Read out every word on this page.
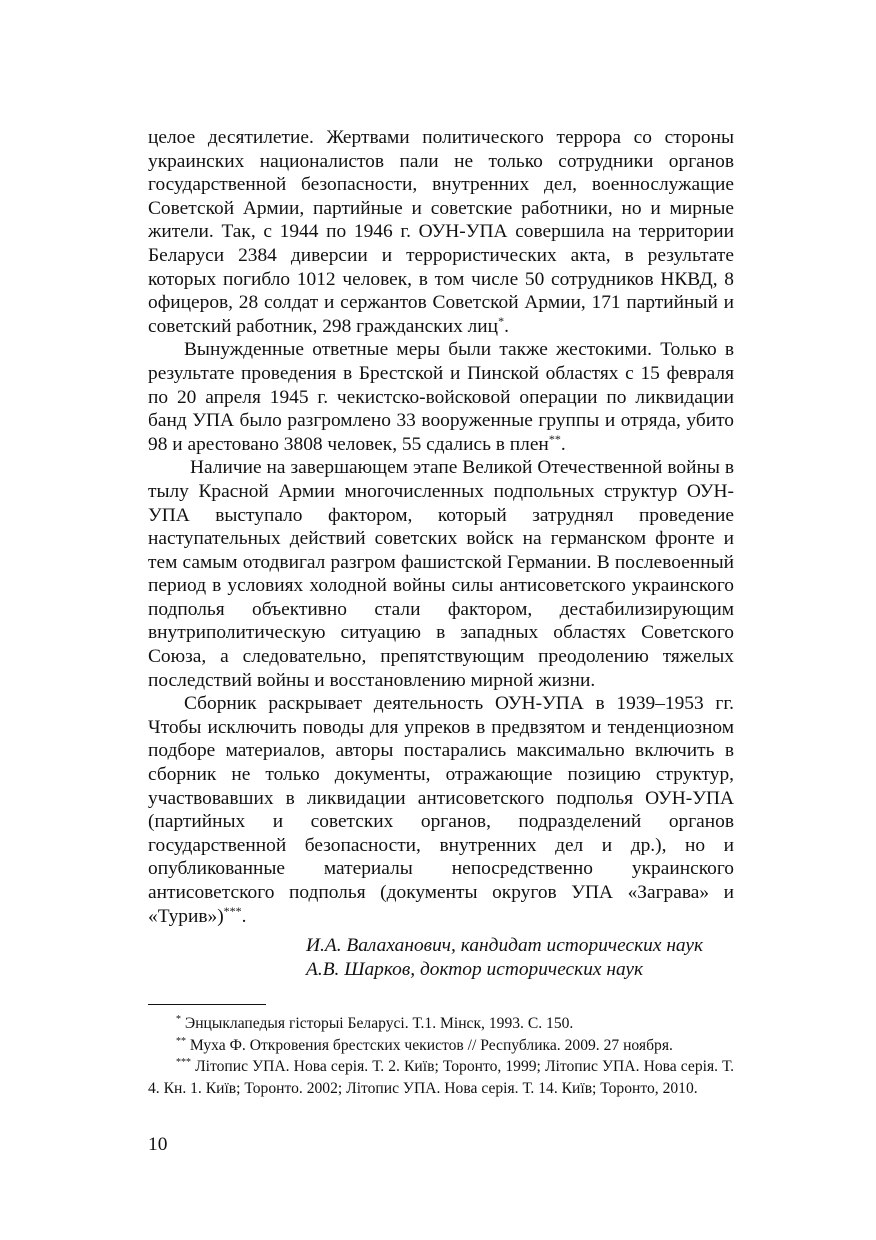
целое десятилетие. Жертвами политического террора со стороны украинских националистов пали не только сотрудники органов государственной безопасности, внутренних дел, военнослужащие Советской Армии, партийные и советские работники, но и мирные жители. Так, с 1944 по 1946 г. ОУН-УПА совершила на территории Беларуси 2384 диверсии и террористических акта, в результате которых погибло 1012 человек, в том числе 50 сотрудников НКВД, 8 офицеров, 28 солдат и сержантов Советской Армии, 171 партийный и советский работник, 298 гражданских лиц*.

Вынужденные ответные меры были также жестокими. Только в результате проведения в Брестской и Пинской областях с 15 февраля по 20 апреля 1945 г. чекистско-войсковой операции по ликвидации банд УПА было разгромлено 33 вооруженные группы и отряда, убито 98 и арестовано 3808 человек, 55 сдались в плен**.

Наличие на завершающем этапе Великой Отечественной войны в тылу Красной Армии многочисленных подпольных структур ОУН-УПА выступало фактором, который затруднял проведение наступательных действий советских войск на германском фронте и тем самым отодвигал разгром фашистской Германии. В послевоенный период в условиях холодной войны силы антисоветского украинского подполья объективно стали фактором, дестабилизирующим внутриполитическую ситуацию в западных областях Советского Союза, а следовательно, препятствующим преодолению тяжелых последствий войны и восстановлению мирной жизни.

Сборник раскрывает деятельность ОУН-УПА в 1939–1953 гг. Чтобы исключить поводы для упреков в предвзятом и тенденциозном подборе материалов, авторы постарались максимально включить в сборник не только документы, отражающие позицию структур, участвовавших в ликвидации антисоветского подполья ОУН-УПА (партийных и советских органов, подразделений органов государственной безопасности, внутренних дел и др.), но и опубликованные материалы непосредственно украинского антисоветского подполья (документы округов УПА «Заграва» и «Турив»)***.

И.А. Валаханович, кандидат исторических наук
А.В. Шарков, доктор исторических наук

* Энцыклапедыя гісторыі Беларусі. Т.1. Мінск, 1993. С. 150.

** Муха Ф. Откровения брестских чекистов // Республика. 2009. 27 ноября.

*** Літопис УПА. Нова серія. Т. 2. Київ; Торонто, 1999; Літопис УПА. Нова серія. Т. 4. Кн. 1. Київ; Торонто. 2002; Літопис УПА. Нова серія. Т. 14. Київ; Торонто, 2010.

10
